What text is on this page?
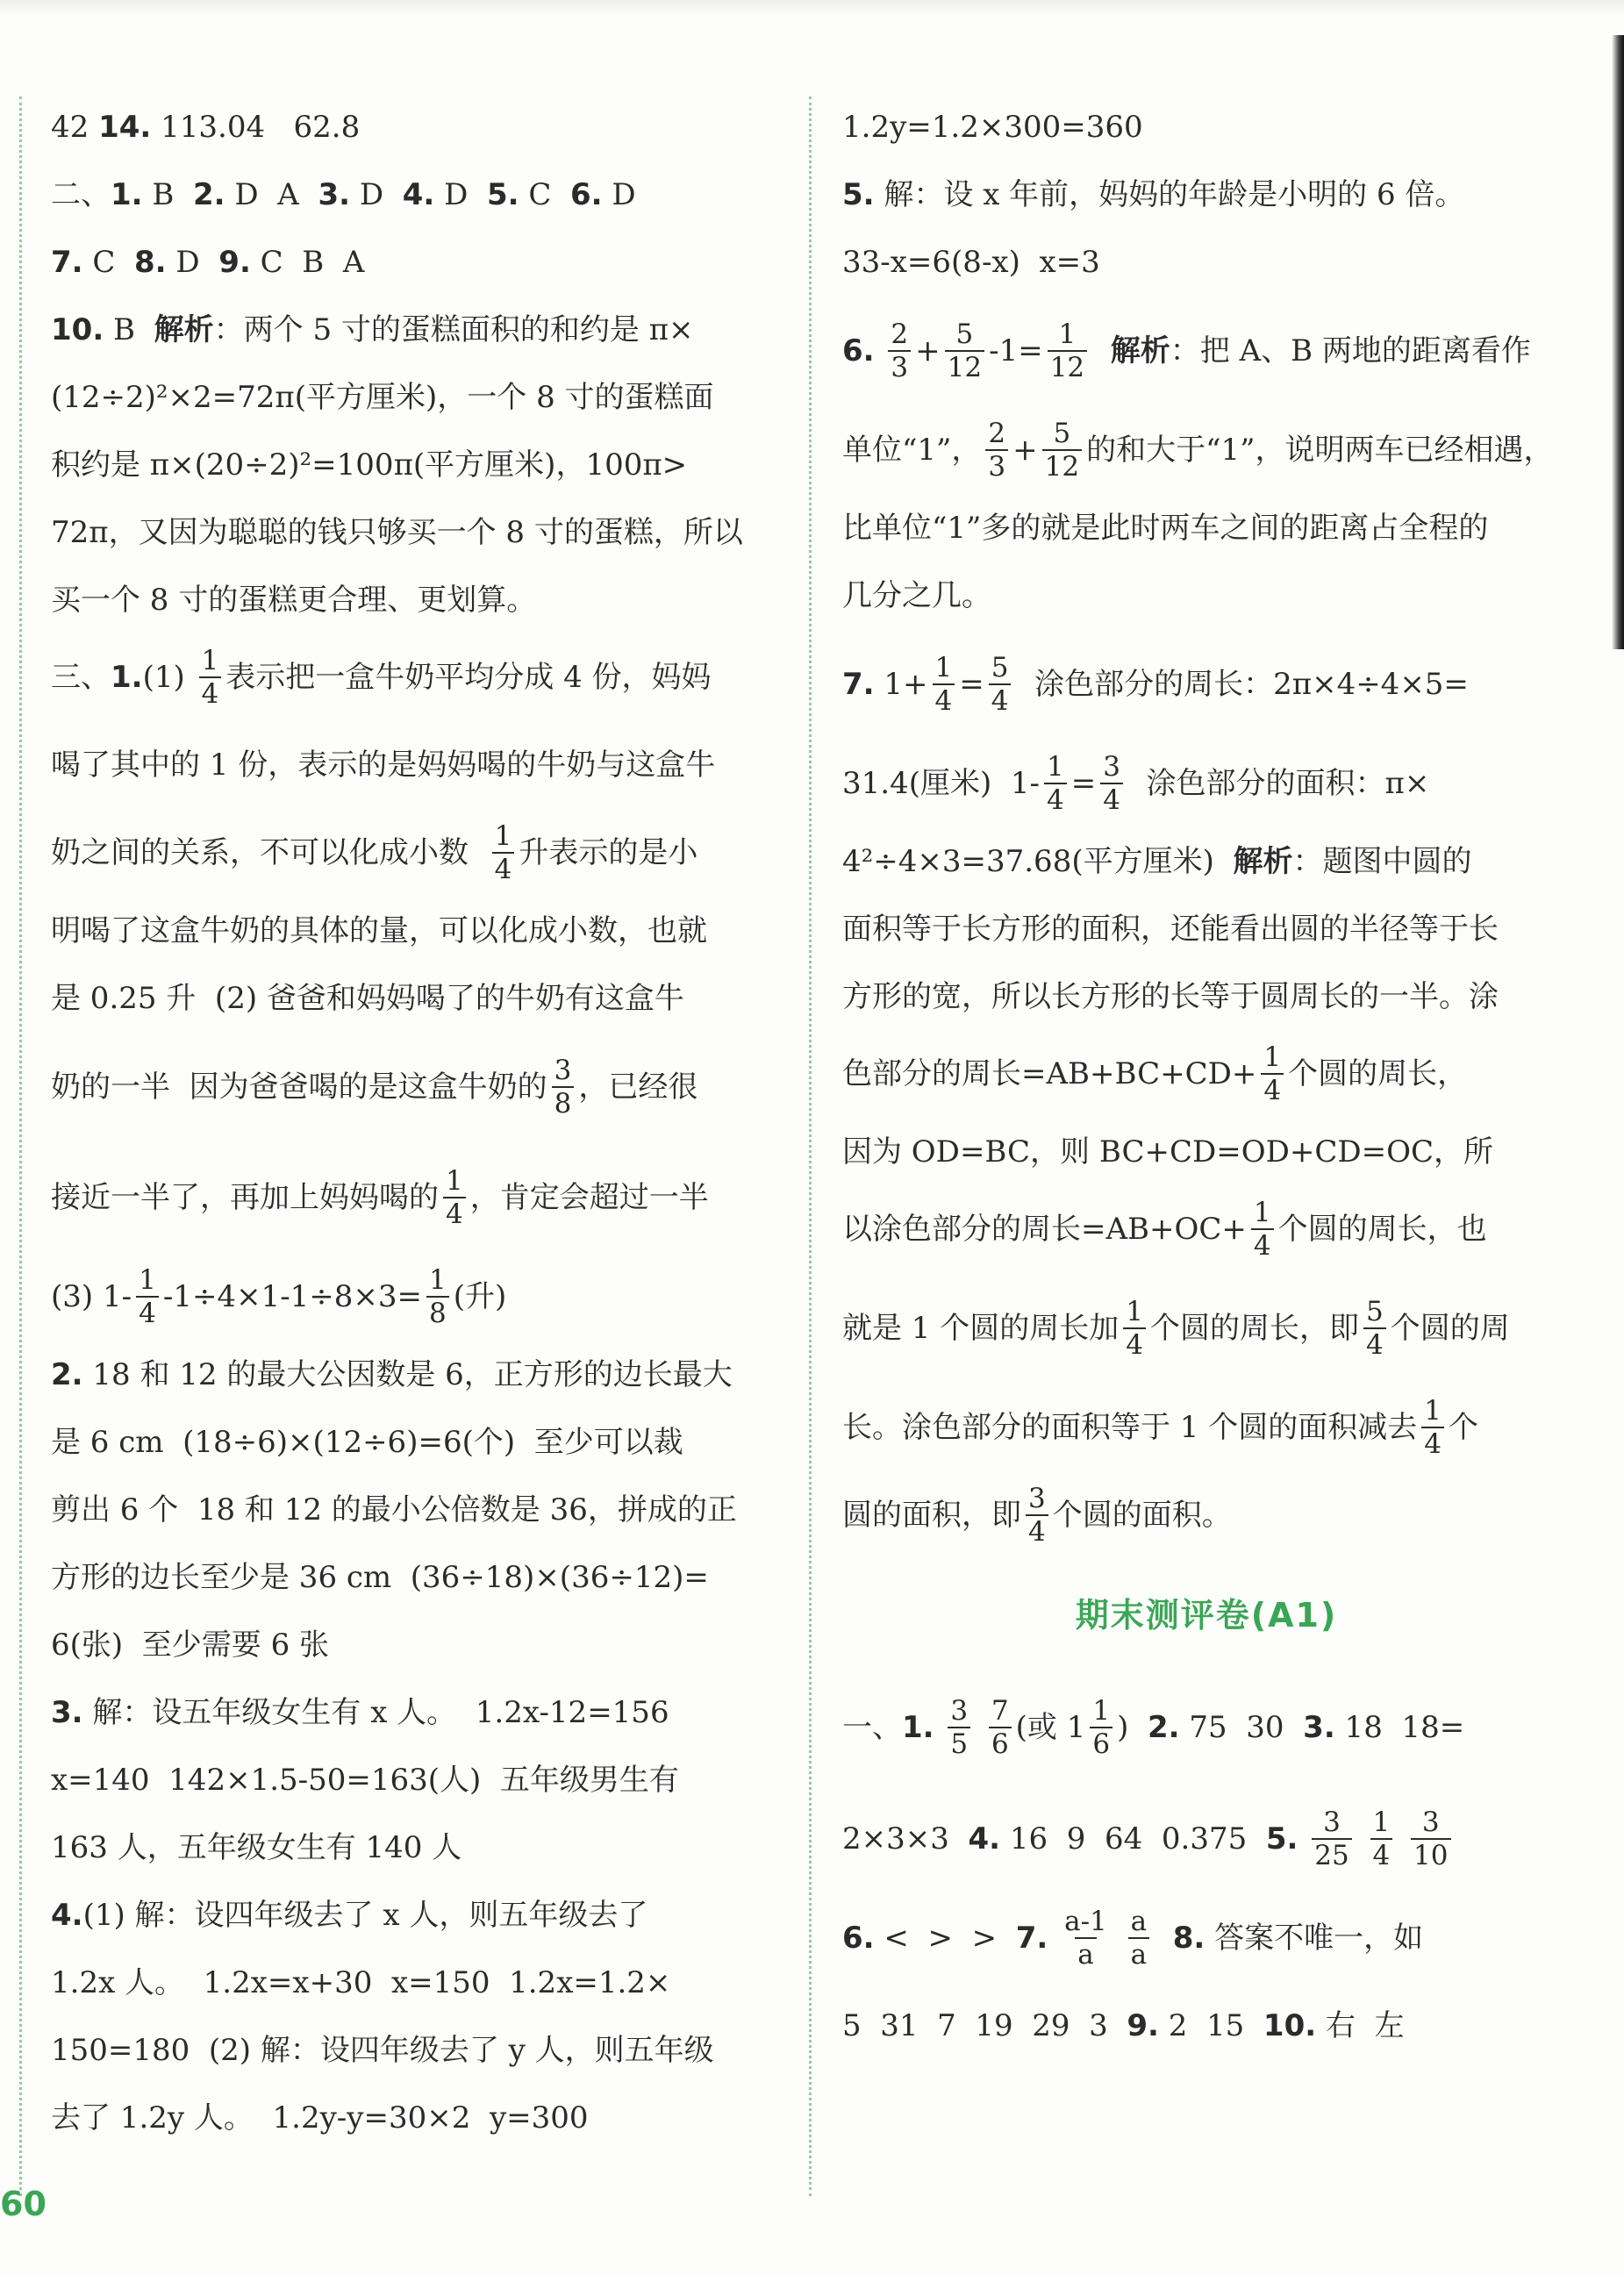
42 14. 113.04   62.8
二、 1. B 2. D  A 3. D 4. D 5. C 6. D
7. C 8. D 9. C  B  A
10. B 解析 ：两个 5 寸的蛋糕面积的和约是 π×
(12÷2)²×2=72π(平方厘米)，一个 8 寸的蛋糕面
积约是 π×(20÷2)²=100π(平方厘米)，100π>
72π，又因为聪聪的钱只够买一个 8 寸的蛋糕，所以
买一个 8 寸的蛋糕更合理、更划算。
三、 1. $(1) \frac{1}{4}$ 表示把一盒牛奶平均分成 4 份，妈妈
喝了其中的 1 份，表示的是妈妈喝的牛奶与这盒牛
奶之间的关系，不可以化成小数 $\frac{1}{4}$ 升表示的是小
明喝了这盒牛奶的具体的量，可以化成小数，也就
是 0.25 升  (2) 爸爸和妈妈喝了的牛奶有这盒牛
奶的一半  因为爸爸喝的是这盒牛奶的 $\frac{3}{8}$ ，已经很
接近一半了，再加上妈妈喝的 $\frac{1}{4}$ ，肯定会超过一半
(3) $1- \frac{1}{4} -1\div 4\times 1-1\div 8\times 3= \frac{1}{8}$ (升)
2. 18 和 12 的最大公因数是 6，正方形的边长最大
是 6 cm  (18÷6)×(12÷6)=6(个)  至少可以裁
剪出 6 个  18 和 12 的最小公倍数是 36，拼成的正
方形的边长至少是 36 cm  (36÷18)×(36÷12)=
6(张)  至少需要 6 张
3. 解：设五年级女生有 x 人。  1.2x-12=156
x=140  142×1.5-50=163(人)  五年级男生有
163 人，五年级女生有 140 人
4. (1) 解：设四年级去了 x 人，则五年级去了
1.2x 人。  1.2x=x+30  x=150  1.2x=1.2×
150=180  (2) 解：设四年级去了 y 人，则五年级
去了 1.2y 人。  1.2y-y=30×2  y=300
1.2y=1.2×300=360
5. 解：设 x 年前，妈妈的年龄是小明的 6 倍。
33-x=6(8-x)  x=3
6.
$\frac{2}{3} + \frac{5}{12} -1= \frac{1}{12}$
解析 ：把 A、B 两地的距离看作
单位“1”， $\frac{2}{3} + \frac{5}{12}$ 的和大于“1”，说明两车已经相遇，
比单位“1”多的就是此时两车之间的距离占全程的
几分之几。
7. $1+ \frac{1}{4} = \frac{5}{4}$ 涂色部分的周长：2π×4÷4×5=
31.4(厘米)  $1- \frac{1}{4} = \frac{3}{4}$ 涂色部分的面积：π×
4²÷4×3=37.68(平方厘米) 解析 ：题图中圆的
面积等于长方形的面积，还能看出圆的半径等于长
方形的宽，所以长方形的长等于圆周长的一半。涂
色部分的周长$=AB+BC+CD+ \frac{1}{4}$ 个圆的周长，
因为 OD=BC，则 BC+CD=OD+CD=OC，所
以涂色部分的周长$=AB+OC+ \frac{1}{4}$ 个圆的周长，也
就是 1 个圆的周长加 $\frac{1}{4}$ 个圆的周长，即 $\frac{5}{4}$ 个圆的周
长。涂色部分的面积等于 1 个圆的面积减去 $\frac{1}{4}$ 个
圆的面积，即 $\frac{3}{4}$ 个圆的面积。
期末测评卷(A1)
一、 1.
$\frac{3}{5}$
$\frac{7}{6}$ (或 $1 \frac{1}{6}$ ) 2. 75  30 3. 18  18=
2×3×3 4. 16  9  64  0.375 5.
$\frac{3}{25}$
$\frac{1}{4}$
$\frac{3}{10}$
6. <  >  > 7.
$\frac{a-1}{a}$
$\frac{a}{a}$
8. 答案不唯一，如
5  31  7  19  29  3 9. 2  15 10. 右  左
60
